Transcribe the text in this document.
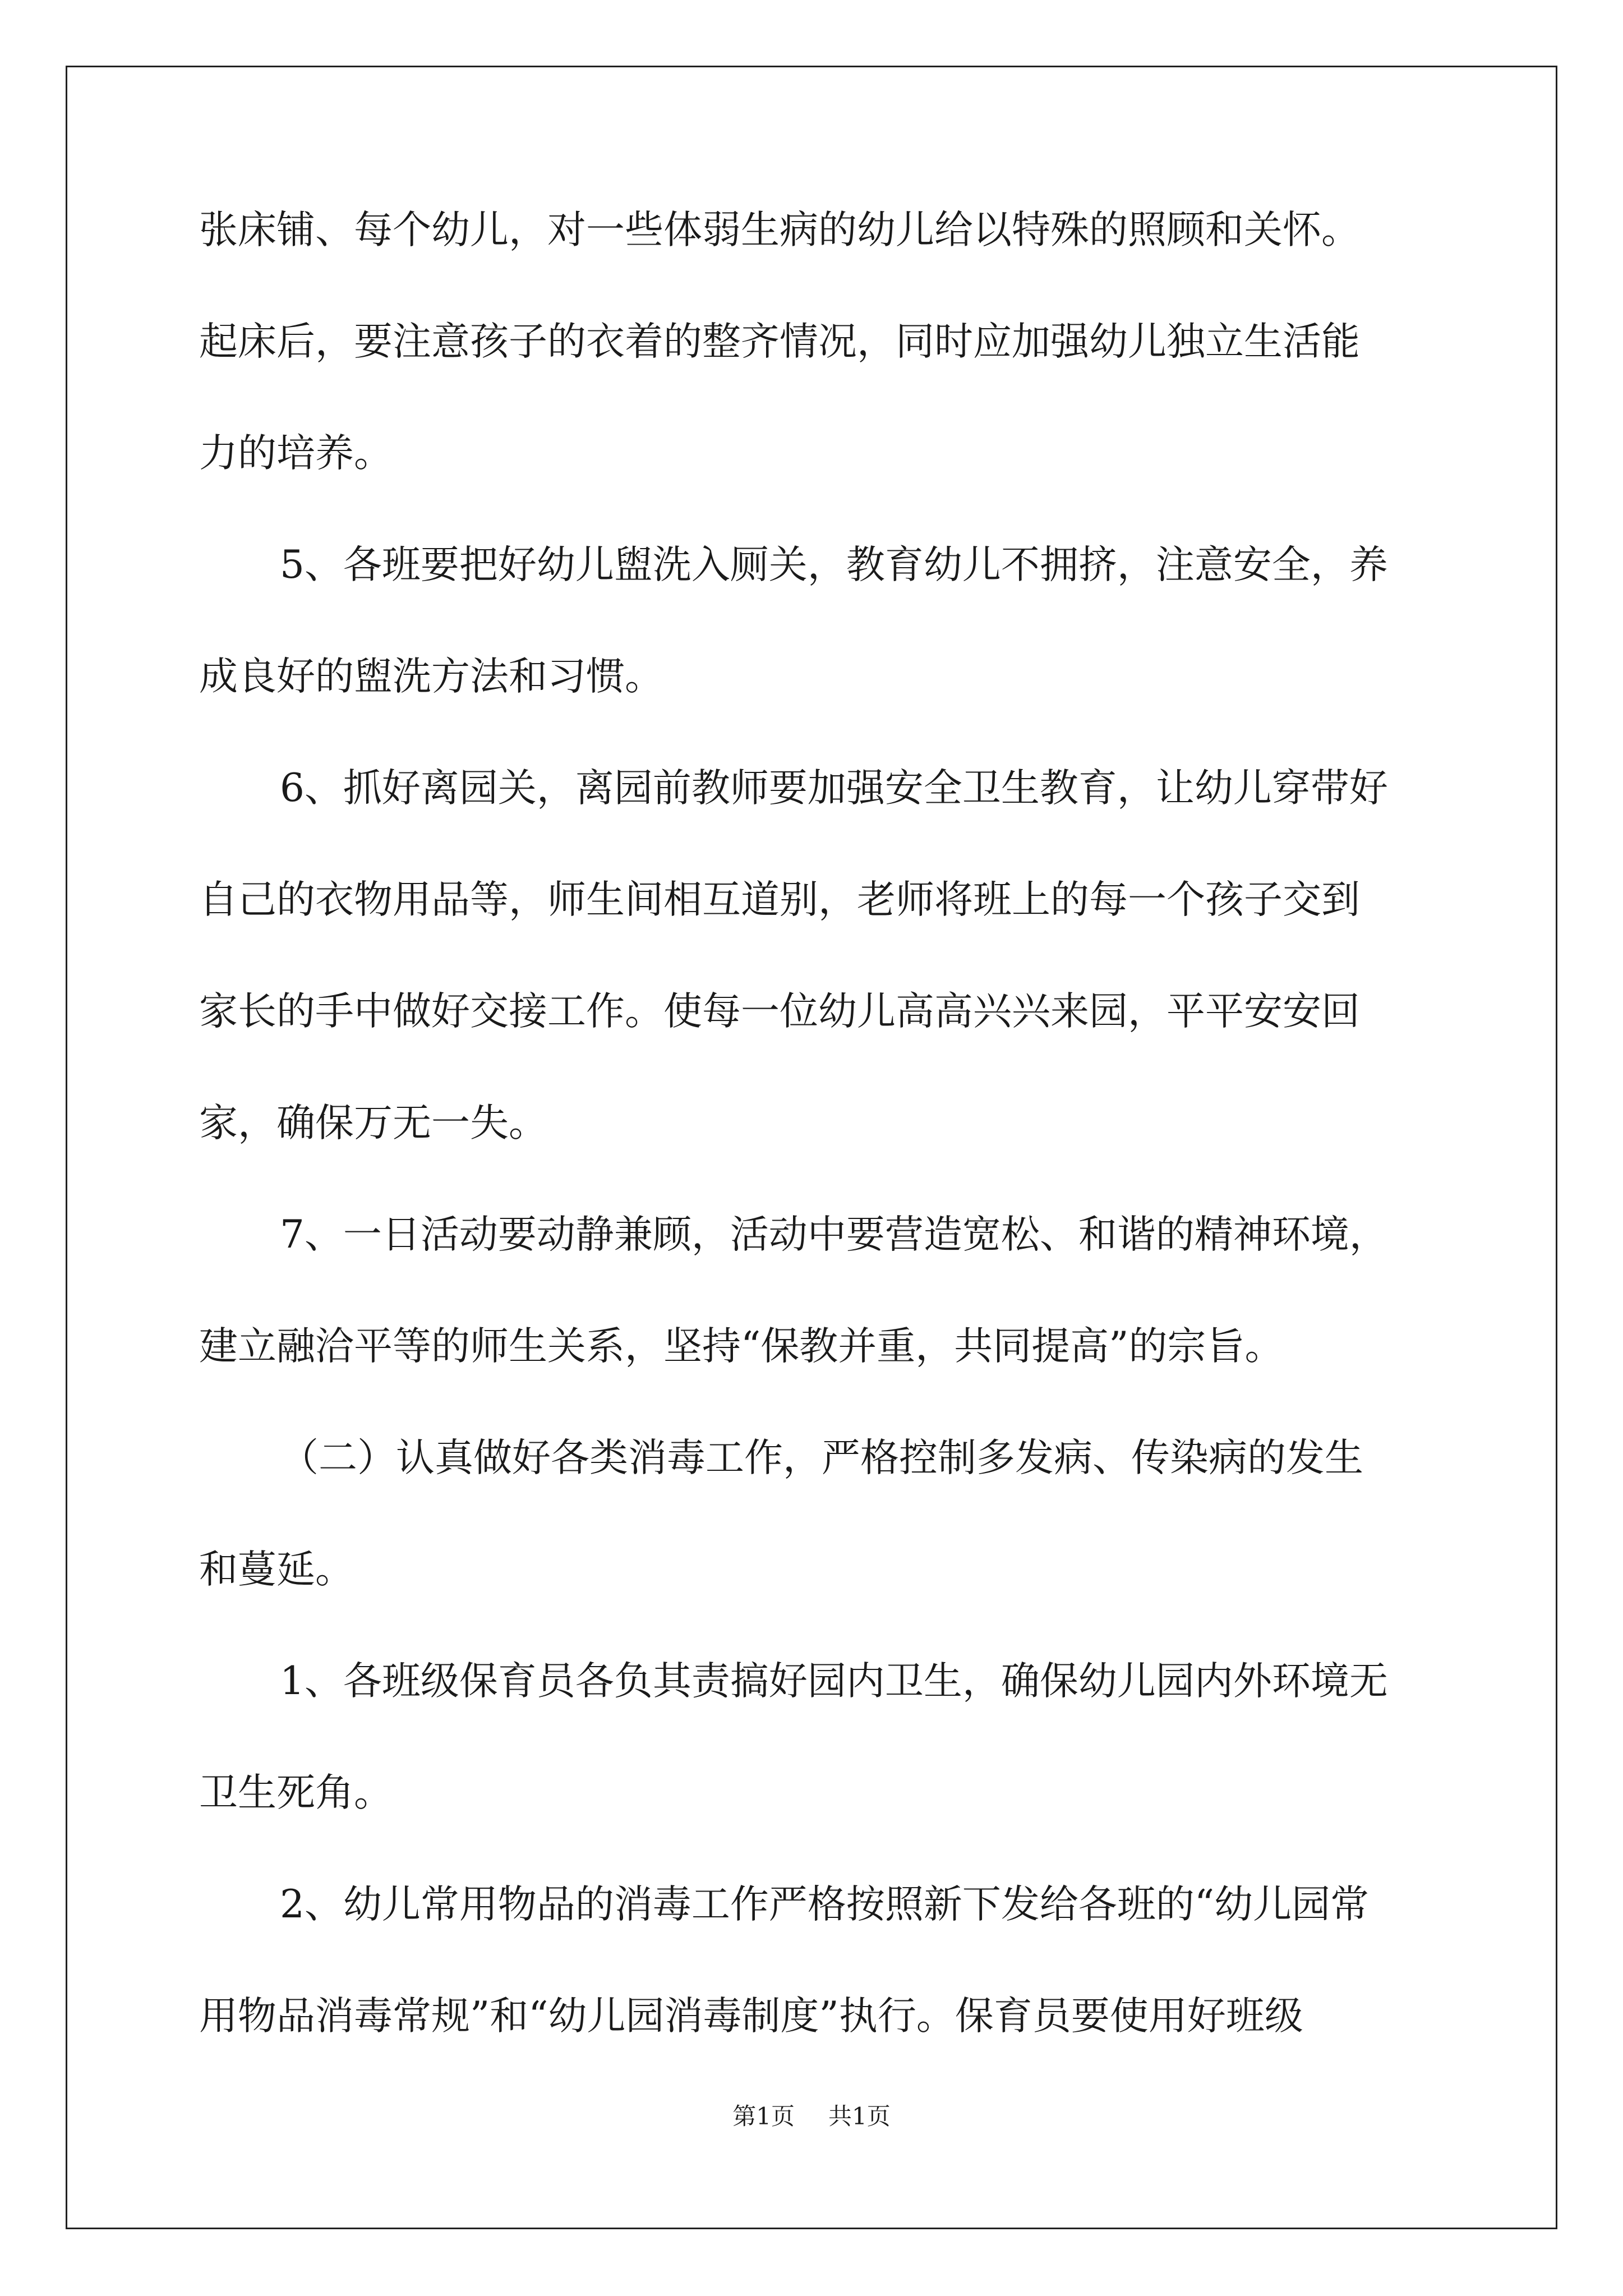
张床铺、每个幼儿，对一些体弱生病的幼儿给以特殊的照顾和关怀。
起床后，要注意孩子的衣着的整齐情况，同时应加强幼儿独立生活能
力的培养。
5、各班要把好幼儿盥洗入厕关，教育幼儿不拥挤，注意安全，养
成良好的盥洗方法和习惯。
6、抓好离园关，离园前教师要加强安全卫生教育，让幼儿穿带好
自己的衣物用品等，师生间相互道别，老师将班上的每一个孩子交到
家长的手中做好交接工作。使每一位幼儿高高兴兴来园，平平安安回
家，确保万无一失。
7、一日活动要动静兼顾，活动中要营造宽松、和谐的精神环境，
建立融洽平等的师生关系，坚持“保教并重，共同提高”的宗旨。
（二）认真做好各类消毒工作，严格控制多发病、传染病的发生
和蔓延。
1、各班级保育员各负其责搞好园内卫生，确保幼儿园内外环境无
卫生死角。
2、幼儿常用物品的消毒工作严格按照新下发给各班的“幼儿园常
用物品消毒常规”和“幼儿园消毒制度”执行。保育员要使用好班级
第1页 共1页
